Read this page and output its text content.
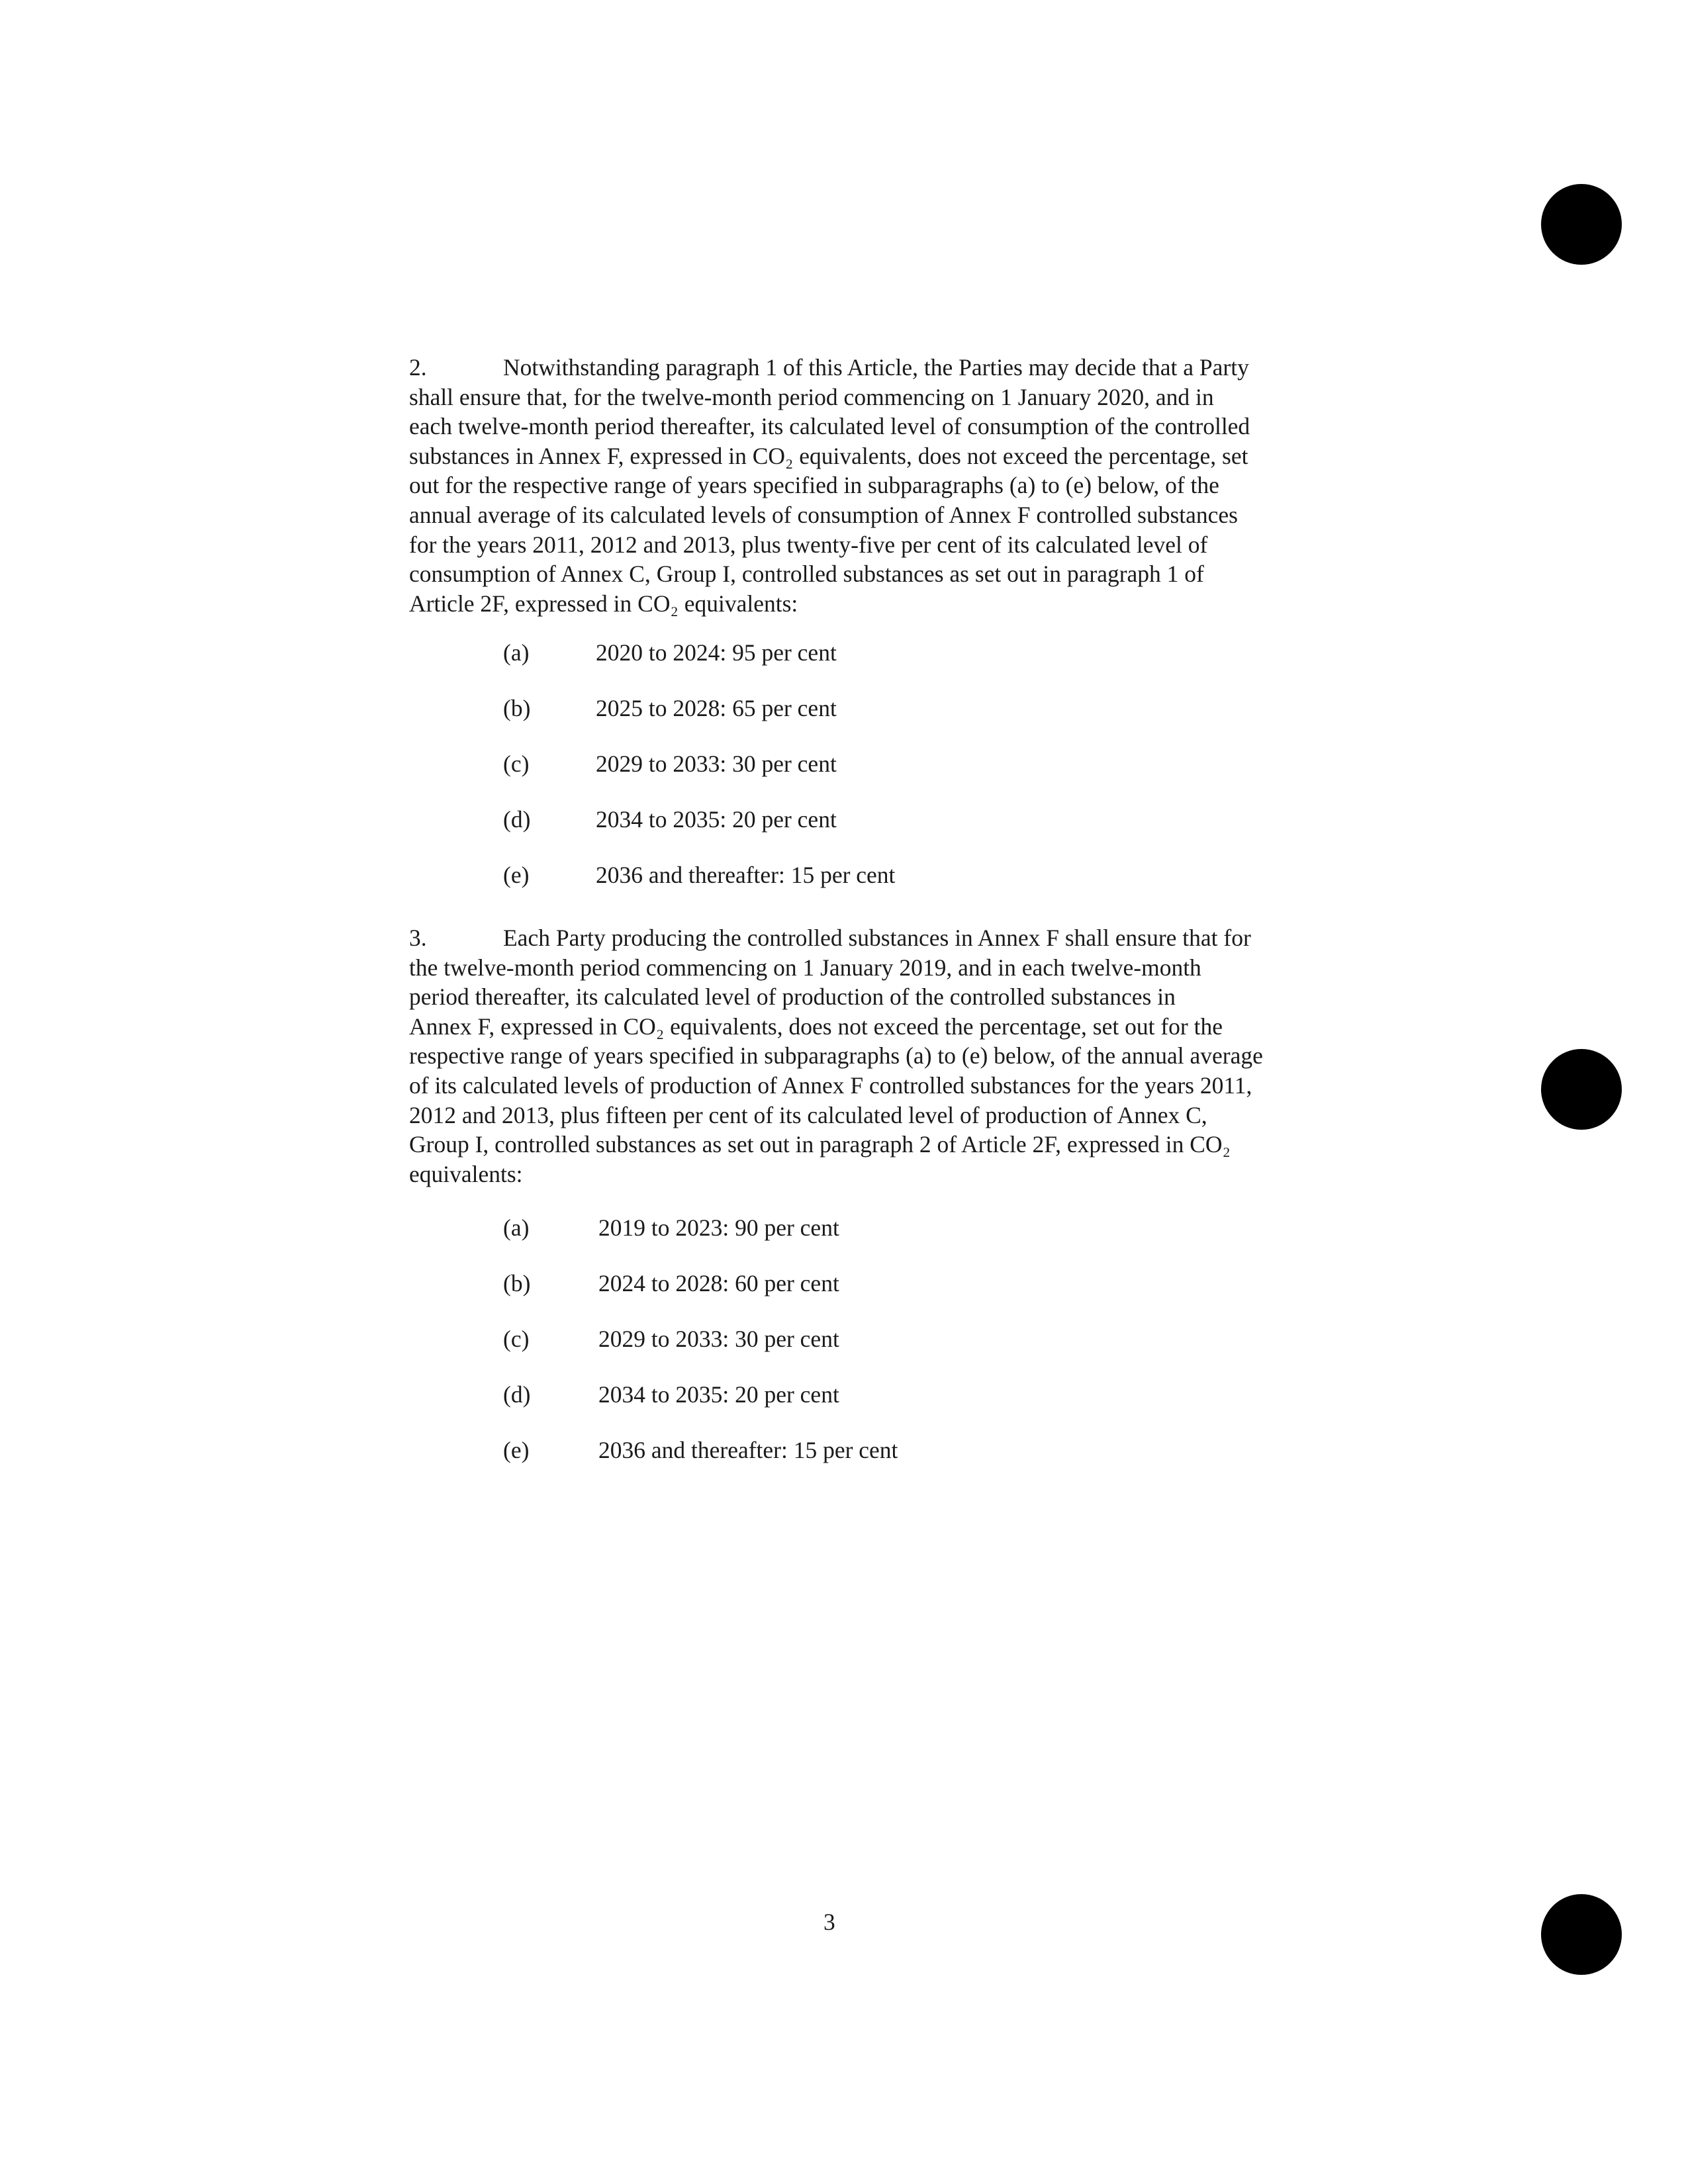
2.	Notwithstanding paragraph 1 of this Article, the Parties may decide that a Party
shall ensure that, for the twelve-month period commencing on 1 January 2020, and in
each twelve-month period thereafter, its calculated level of consumption of the controlled
substances in Annex F, expressed in CO₂ equivalents, does not exceed the percentage, set
out for the respective range of years specified in subparagraphs (a) to (e) below, of the
annual average of its calculated levels of consumption of Annex F controlled substances
for the years 2011, 2012 and 2013, plus twenty-five per cent of its calculated level of
consumption of Annex C, Group I, controlled substances as set out in paragraph 1 of
Article 2F, expressed in CO₂ equivalents:
(a)	2020 to 2024: 95 per cent
(b)	2025 to 2028: 65 per cent
(c)	2029 to 2033: 30 per cent
(d)	2034 to 2035: 20 per cent
(e)	2036 and thereafter: 15 per cent
3.	Each Party producing the controlled substances in Annex F shall ensure that for
the twelve-month period commencing on 1 January 2019, and in each twelve-month
period thereafter, its calculated level of production of the controlled substances in
Annex F, expressed in CO₂ equivalents, does not exceed the percentage, set out for the
respective range of years specified in subparagraphs (a) to (e) below, of the annual average
of its calculated levels of production of Annex F controlled substances for the years 2011,
2012 and 2013, plus fifteen per cent of its calculated level of production of Annex C,
Group I, controlled substances as set out in paragraph 2 of Article 2F, expressed in CO₂
equivalents:
(a)	2019 to 2023: 90 per cent
(b)	2024 to 2028: 60 per cent
(c)	2029 to 2033: 30 per cent
(d)	2034 to 2035: 20 per cent
(e)	2036 and thereafter: 15 per cent
3
